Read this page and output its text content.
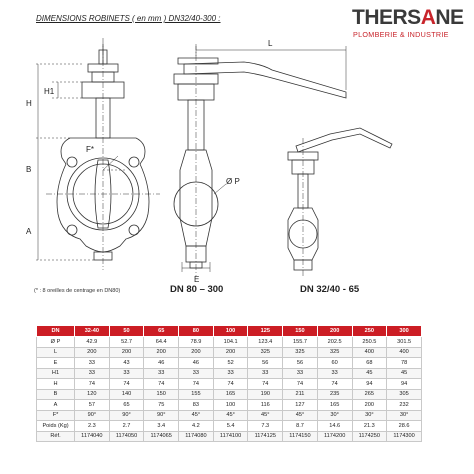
DIMENSIONS ROBINETS ( en mm ) DN32/40-300 :	THERSANE
PLOMBERIE & INDUSTRIE
H
H1
B
A
F*
L
E
Ø P
(* : 8 oreilles de centrage en DN80)	DN 80 – 300	DN 32/40 - 65
DN	32-40	50	65	80	100	125	150	200	250	300
Ø P	42.9	52.7	64.4	78.9	104.1	123.4	155.7	202.5	250.5	301.5
L	200	200	200	200	200	325	325	325	400	400
E	33	43	46	46	52	56	56	60	68	78
H1	33	33	33	33	33	33	33	33	45	45
H	74	74	74	74	74	74	74	74	94	94
B	120	140	150	155	165	190	211	235	265	305
A	57	65	75	83	100	116	127	165	200	232
F*	90°	90°	90°	45°	45°	45°	45°	30°	30°	30°
Poids (Kg)	2.3	2.7	3.4	4.2	5.4	7.3	8.7	14.6	21.3	28.6
Réf.	1174040	1174050	1174065	1174080	1174100	1174125	1174150	1174200	1174250	1174300
